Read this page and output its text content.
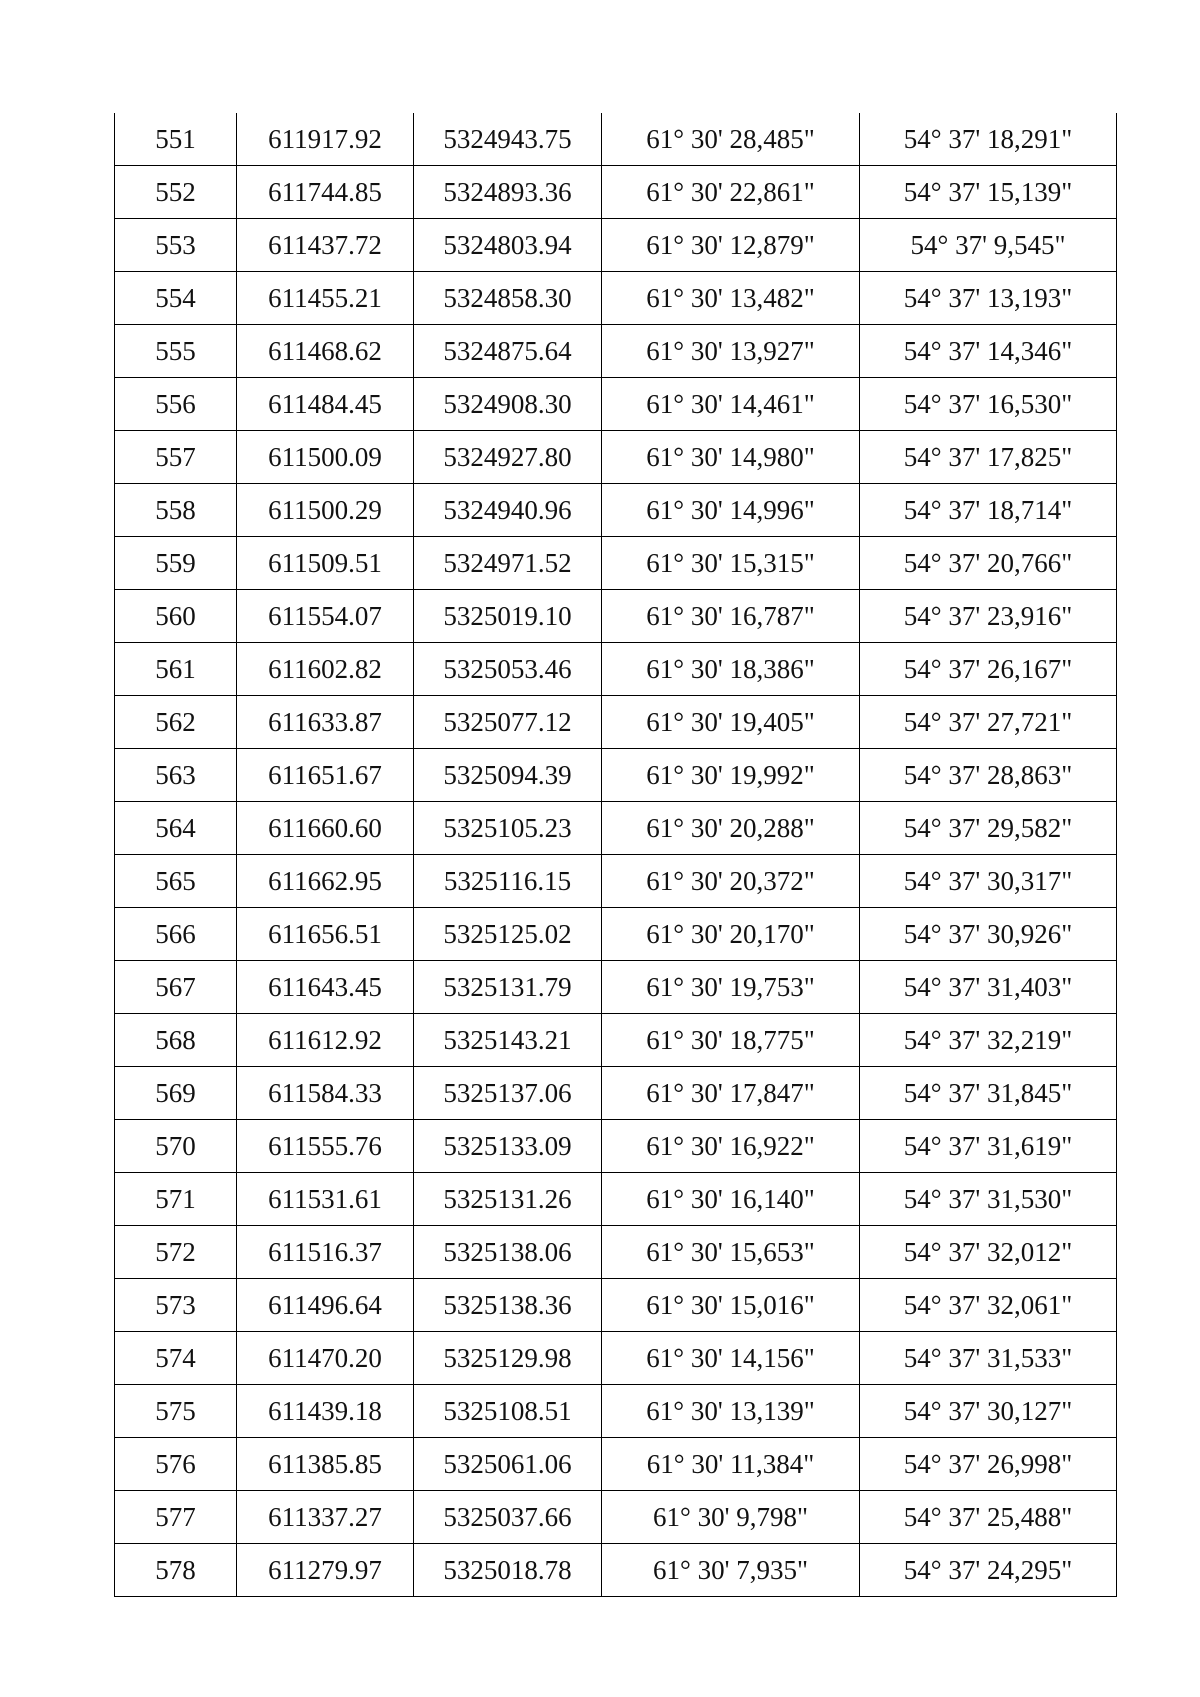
551	611917.92	5324943.75	61° 30' 28,485"	54° 37' 18,291"
552	611744.85	5324893.36	61° 30' 22,861"	54° 37' 15,139"
553	611437.72	5324803.94	61° 30' 12,879"	54° 37' 9,545"
554	611455.21	5324858.30	61° 30' 13,482"	54° 37' 13,193"
555	611468.62	5324875.64	61° 30' 13,927"	54° 37' 14,346"
556	611484.45	5324908.30	61° 30' 14,461"	54° 37' 16,530"
557	611500.09	5324927.80	61° 30' 14,980"	54° 37' 17,825"
558	611500.29	5324940.96	61° 30' 14,996"	54° 37' 18,714"
559	611509.51	5324971.52	61° 30' 15,315"	54° 37' 20,766"
560	611554.07	5325019.10	61° 30' 16,787"	54° 37' 23,916"
561	611602.82	5325053.46	61° 30' 18,386"	54° 37' 26,167"
562	611633.87	5325077.12	61° 30' 19,405"	54° 37' 27,721"
563	611651.67	5325094.39	61° 30' 19,992"	54° 37' 28,863"
564	611660.60	5325105.23	61° 30' 20,288"	54° 37' 29,582"
565	611662.95	5325116.15	61° 30' 20,372"	54° 37' 30,317"
566	611656.51	5325125.02	61° 30' 20,170"	54° 37' 30,926"
567	611643.45	5325131.79	61° 30' 19,753"	54° 37' 31,403"
568	611612.92	5325143.21	61° 30' 18,775"	54° 37' 32,219"
569	611584.33	5325137.06	61° 30' 17,847"	54° 37' 31,845"
570	611555.76	5325133.09	61° 30' 16,922"	54° 37' 31,619"
571	611531.61	5325131.26	61° 30' 16,140"	54° 37' 31,530"
572	611516.37	5325138.06	61° 30' 15,653"	54° 37' 32,012"
573	611496.64	5325138.36	61° 30' 15,016"	54° 37' 32,061"
574	611470.20	5325129.98	61° 30' 14,156"	54° 37' 31,533"
575	611439.18	5325108.51	61° 30' 13,139"	54° 37' 30,127"
576	611385.85	5325061.06	61° 30' 11,384"	54° 37' 26,998"
577	611337.27	5325037.66	61° 30' 9,798"	54° 37' 25,488"
578	611279.97	5325018.78	61° 30' 7,935"	54° 37' 24,295"
